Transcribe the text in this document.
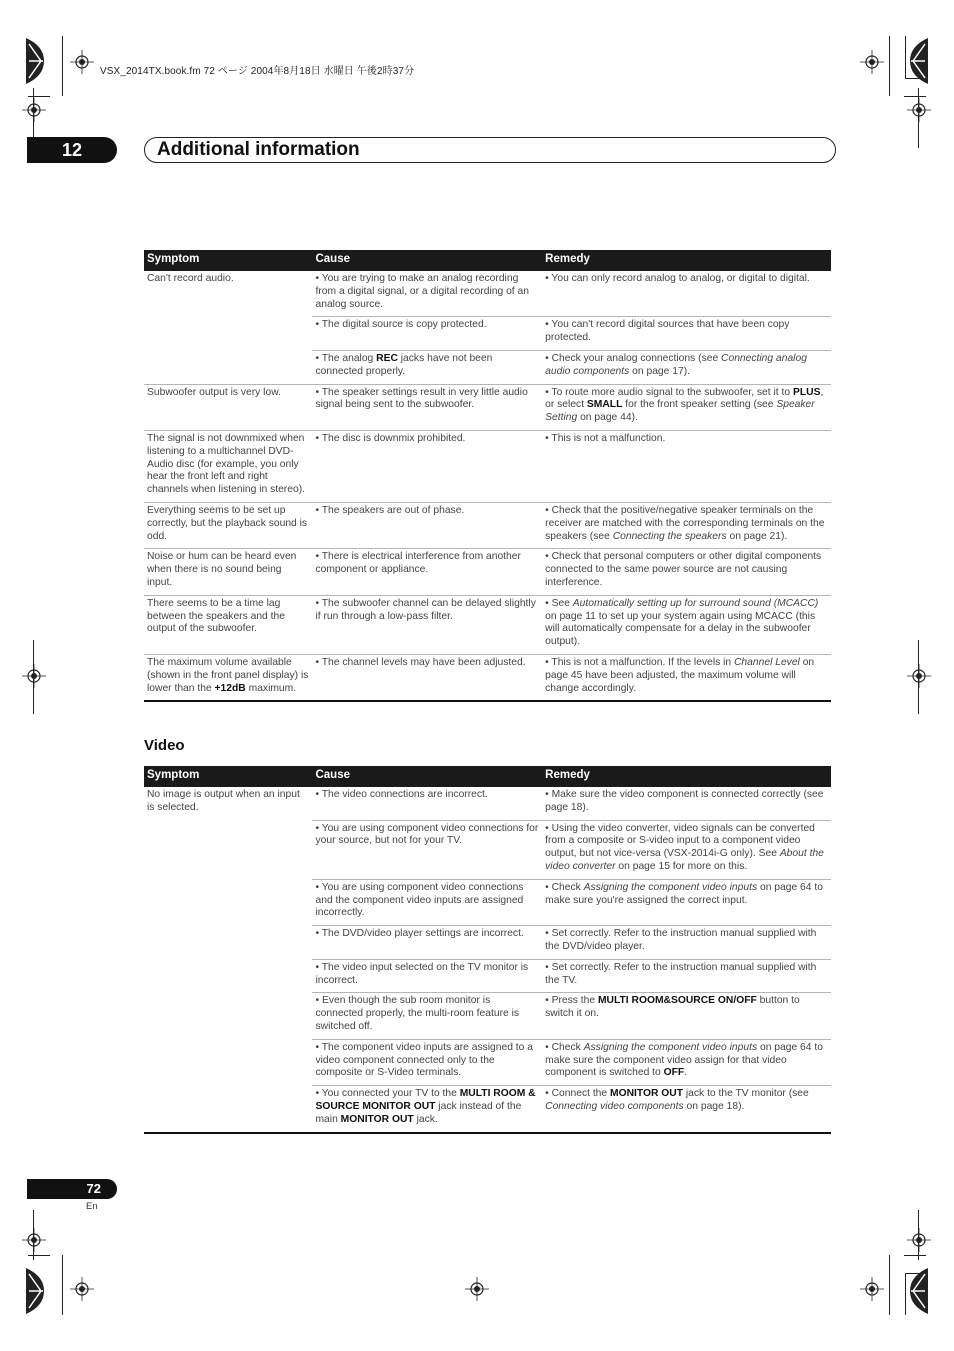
VSX_2014TX.book.fm 72 ページ 2004年8月18日 水曜日 午後2時37分
12	Additional information
Symptom	Cause	Remedy
Can't record audio.	• You are trying to make an analog recording from a digital signal, or a digital recording of an analog source.	• You can only record analog to analog, or digital to digital.
	• The digital source is copy protected.	• You can't record digital sources that have been copy protected.
	• The analog REC jacks have not been connected properly.	• Check your analog connections (see Connecting analog audio components on page 17).
Subwoofer output is very low.	• The speaker settings result in very little audio signal being sent to the subwoofer.	• To route more audio signal to the subwoofer, set it to PLUS, or select SMALL for the front speaker setting (see Speaker Setting on page 44).
The signal is not downmixed when listening to a multichannel DVD-Audio disc (for example, you only hear the front left and right channels when listening in stereo).	• The disc is downmix prohibited.	• This is not a malfunction.
Everything seems to be set up correctly, but the playback sound is odd.	• The speakers are out of phase.	• Check that the positive/negative speaker terminals on the receiver are matched with the corresponding terminals on the speakers (see Connecting the speakers on page 21).
Noise or hum can be heard even when there is no sound being input.	• There is electrical interference from another component or appliance.	• Check that personal computers or other digital components connected to the same power source are not causing interference.
There seems to be a time lag between the speakers and the output of the subwoofer.	• The subwoofer channel can be delayed slightly if run through a low-pass filter.	• See Automatically setting up for surround sound (MCACC) on page 11 to set up your system again using MCACC (this will automatically compensate for a delay in the subwoofer output).
The maximum volume available (shown in the front panel display) is lower than the +12dB maximum.	• The channel levels may have been adjusted.	• This is not a malfunction. If the levels in Channel Level on page 45 have been adjusted, the maximum volume will change accordingly.
Video
Symptom	Cause	Remedy
No image is output when an input is selected.	• The video connections are incorrect.	• Make sure the video component is connected correctly (see page 18).
	• You are using component video connections for your source, but not for your TV.	• Using the video converter, video signals can be converted from a composite or S-video input to a component video output, but not vice-versa (VSX-2014i-G only). See About the video converter on page 15 for more on this.
	• You are using component video connections and the component video inputs are assigned incorrectly.	• Check Assigning the component video inputs on page 64 to make sure you're assigned the correct input.
	• The DVD/video player settings are incorrect.	• Set correctly. Refer to the instruction manual supplied with the DVD/video player.
	• The video input selected on the TV monitor is incorrect.	• Set correctly. Refer to the instruction manual supplied with the TV.
	• Even though the sub room monitor is connected properly, the multi-room feature is switched off.	• Press the MULTI ROOM&SOURCE ON/OFF button to switch it on.
	• The component video inputs are assigned to a video component connected only to the composite or S-Video terminals.	• Check Assigning the component video inputs on page 64 to make sure the component video assign for that video component is switched to OFF.
	• You connected your TV to the MULTI ROOM & SOURCE MONITOR OUT jack instead of the main MONITOR OUT jack.	• Connect the MONITOR OUT jack to the TV monitor (see Connecting video components on page 18).
72
En
